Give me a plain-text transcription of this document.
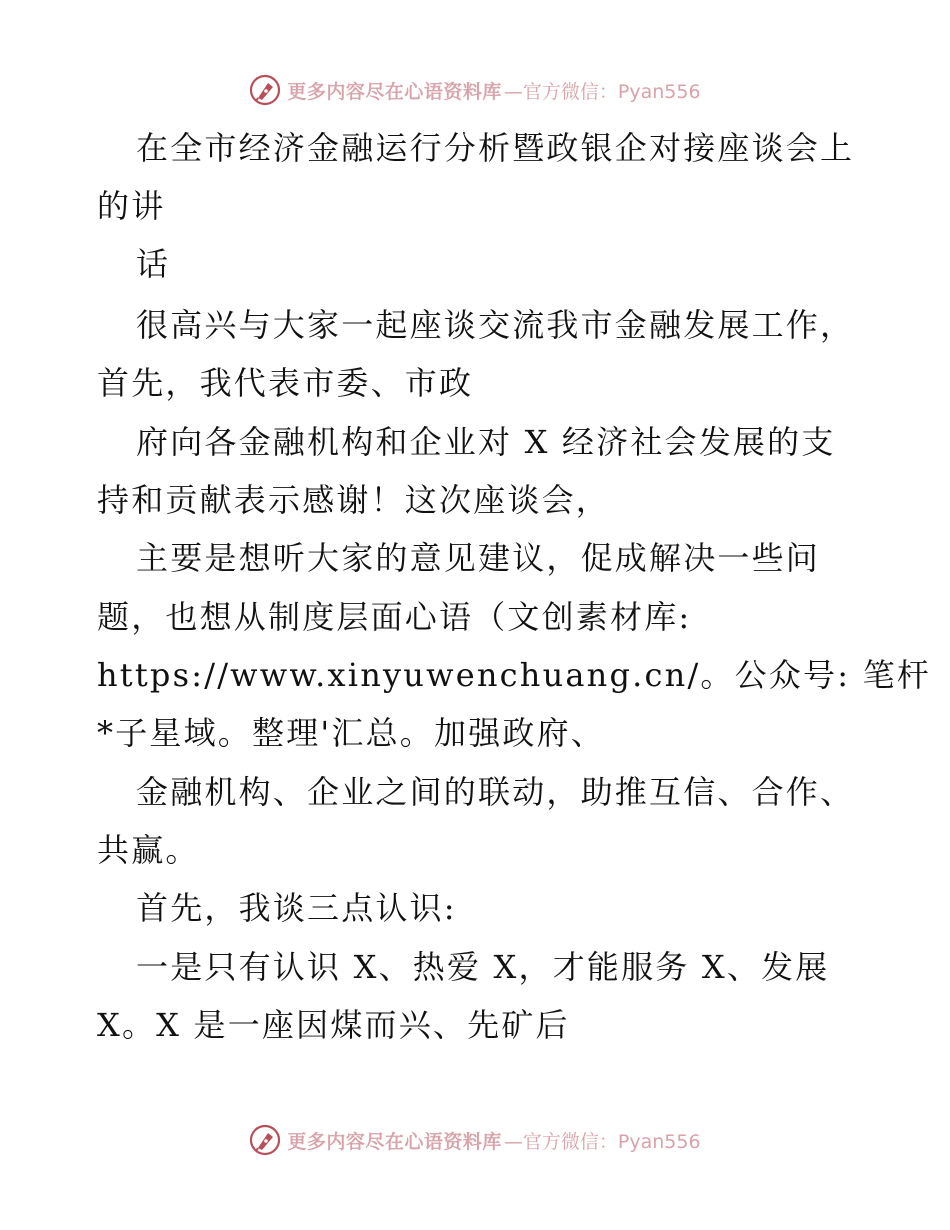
更多内容尽在心语资料库 —官方微信：Pyan556
在全市经济金融运行分析暨政银企对接座谈会上
的讲
话
很高兴与大家一起座谈交流我市金融发展工作，
首先，我代表市委、市政
府向各金融机构和企业对 X 经济社会发展的支
持和贡献表示感谢！这次座谈会，
主要是想听大家的意见建议，促成解决一些问
题，也想从制度层面心语（文创素材库:
https://www.xinyuwenchuang.cn/。公众号: 笔杆
*子星域。整理'汇总。加强政府、
金融机构、企业之间的联动，助推互信、合作、
共赢。
首先，我谈三点认识:
一是只有认识 X、热爱 X，才能服务 X、发展
X。X 是一座因煤而兴、先矿后
更多内容尽在心语资料库 —官方微信：Pyan556
